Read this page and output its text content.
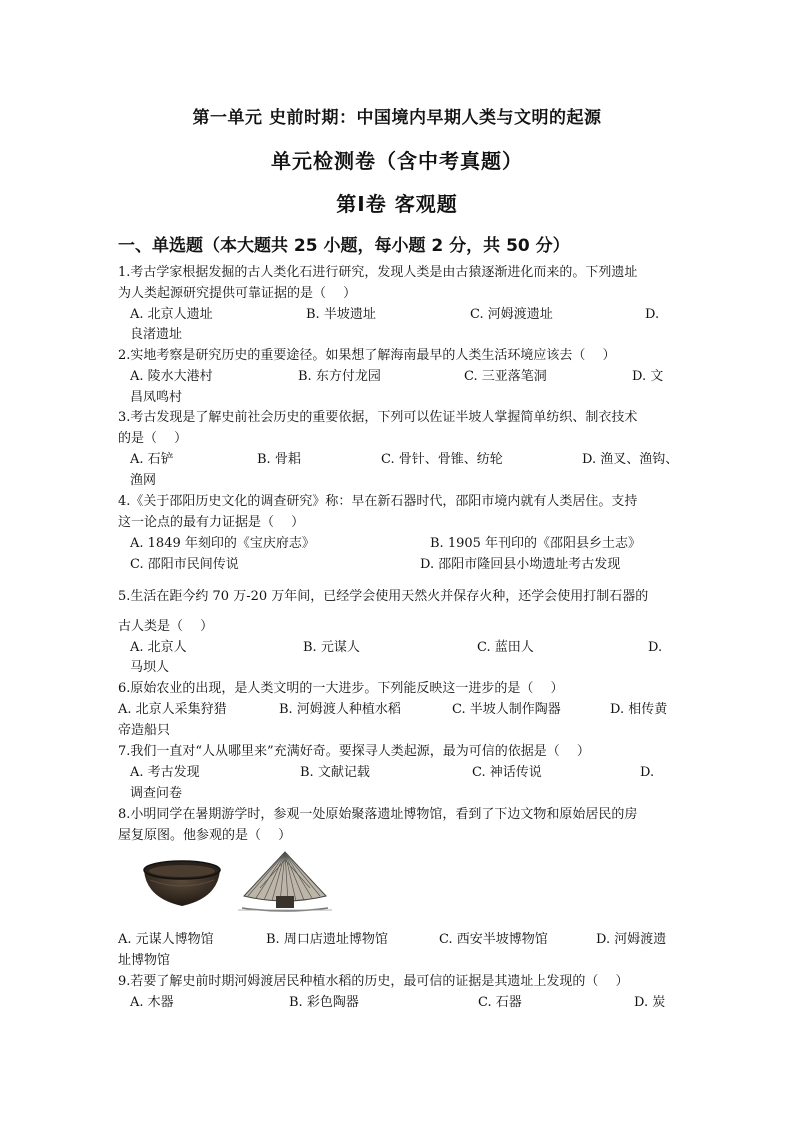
第一单元 史前时期：中国境内早期人类与文明的起源
单元检测卷（含中考真题）
第Ⅰ卷 客观题
一、单选题（本大题共 25 小题，每小题 2 分，共 50 分）
1.考古学家根据发掘的古人类化石进行研究，发现人类是由古猿逐渐进化而来的。下列遗址
为人类起源研究提供可靠证据的是（　 ）
A. 北京人遗址	B. 半坡遗址	C. 河姆渡遗址	D.
良渚遗址
2.实地考察是研究历史的重要途径。如果想了解海南最早的人类生活环境应该去（　 ）
A. 陵水大港村	B. 东方付龙园	C. 三亚落笔洞	D. 文
昌凤鸣村
3.考古发现是了解史前社会历史的重要依据，下列可以佐证半坡人掌握简单纺织、制衣技术
的是（　 ）
A. 石铲	B. 骨耜	C. 骨针、骨锥、纺轮	D. 渔叉、渔钩、
渔网
4.《关于邵阳历史文化的调查研究》称：早在新石器时代，邵阳市境内就有人类居住。支持
这一论点的最有力证据是（　 ）
A. 1849 年刻印的《宝庆府志》	B. 1905 年刊印的《邵阳县乡土志》
C. 邵阳市民间传说	D. 邵阳市隆回县小坳遗址考古发现
5.生活在距今约 70 万-20 万年间，已经学会使用天然火并保存火种，还学会使用打制石器的
古人类是（　 ）
A. 北京人	B. 元谋人	C. 蓝田人	D.
马坝人
6.原始农业的出现，是人类文明的一大进步。下列能反映这一进步的是（　 ）
A. 北京人采集狩猎	B. 河姆渡人种植水稻	C. 半坡人制作陶器	D. 相传黄
帝造船只
7.我们一直对“人从哪里来”充满好奇。要探寻人类起源，最为可信的依据是（　 ）
A. 考古发现	B. 文献记载	C. 神话传说	D.
调查问卷
8.小明同学在暑期游学时，参观一处原始聚落遗址博物馆，看到了下边文物和原始居民的房
屋复原图。他参观的是（　 ）
A. 元谋人博物馆	B. 周口店遗址博物馆	C. 西安半坡博物馆	D. 河姆渡遗
址博物馆
9.若要了解史前时期河姆渡居民种植水稻的历史，最可信的证据是其遗址上发现的（　 ）
A. 木器	B. 彩色陶器	C. 石器	D. 炭
